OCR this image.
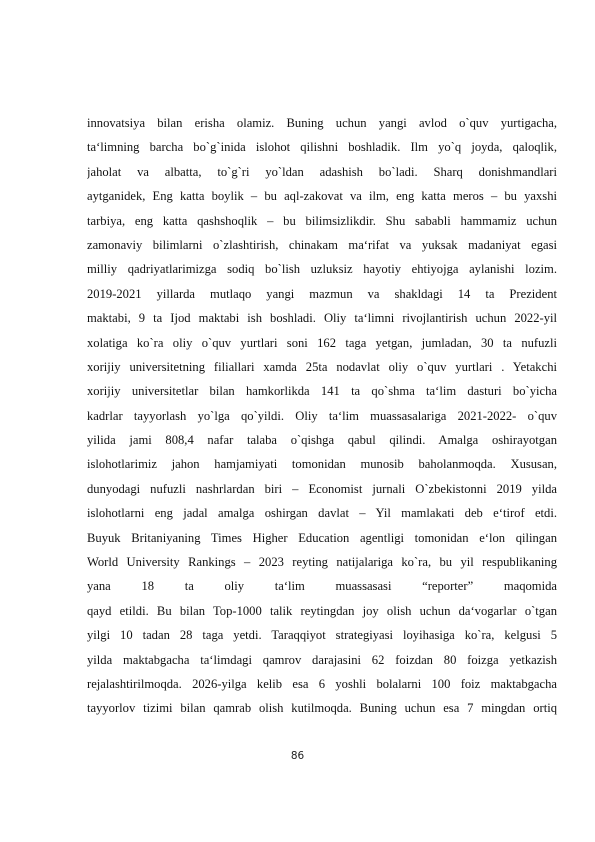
innovatsiya bilan erisha olamiz. Buning uchun yangi avlod o`quv yurtigacha,
ta‘limning barcha bo`g`inida islohot qilishni boshladik. Ilm yo`q joyda, qaloqlik,
jaholat va albatta, to`g`ri yo`ldan adashish bo`ladi. Sharq donishmandlari
aytganidek, Eng katta boylik – bu aql-zakovat va ilm, eng katta meros – bu yaxshi
tarbiya, eng katta qashshoqlik – bu bilimsizlikdir. Shu sababli hammamiz uchun
zamonaviy bilimlarni o`zlashtirish, chinakam ma‘rifat va yuksak madaniyat egasi
milliy qadriyatlarimizga sodiq bo`lish uzluksiz hayotiy ehtiyojga aylanishi lozim.
2019-2021 yillarda mutlaqo yangi mazmun va shakldagi 14 ta Prezident
maktabi, 9 ta Ijod maktabi ish boshladi. Oliy ta‘limni rivojlantirish uchun 2022-yil
xolatiga ko`ra oliy o`quv yurtlari soni 162 taga yetgan, jumladan, 30 ta nufuzli
xorijiy universitetning filiallari xamda 25ta nodavlat oliy o`quv yurtlari . Yetakchi
xorijiy universitetlar bilan hamkorlikda 141 ta qo`shma ta‘lim dasturi bo`yicha
kadrlar tayyorlash yo`lga qo`yildi. Oliy ta‘lim muassasalariga 2021-2022- o`quv
yilida jami 808,4 nafar talaba o`qishga qabul qilindi. Amalga oshirayotgan
islohotlarimiz jahon hamjamiyati tomonidan munosib baholanmoqda. Xususan,
dunyodagi nufuzli nashrlardan biri – Economist jurnali O`zbekistonni 2019 yilda
islohotlarni eng jadal amalga oshirgan davlat – Yil mamlakati deb e‘tirof etdi.
Buyuk Britaniyaning Times Higher Education agentligi tomonidan e‘lon qilingan
World University Rankings – 2023 reyting natijalariga ko`ra, bu yil respublikaning
yana 18 ta oliy ta‘lim muassasasi “reporter” maqomida
qayd etildi. Bu bilan Top-1000 talik reytingdan joy olish uchun da‘vogarlar o`tgan
yilgi 10 tadan 28 taga yetdi. Taraqqiyot strategiyasi loyihasiga ko`ra, kelgusi 5
yilda maktabgacha ta‘limdagi qamrov darajasini 62 foizdan 80 foizga yetkazish
rejalashtirilmoqda. 2026-yilga kelib esa 6 yoshli bolalarni 100 foiz maktabgacha
tayyorlov tizimi bilan qamrab olish kutilmoqda. Buning uchun esa 7 mingdan ortiq
86
